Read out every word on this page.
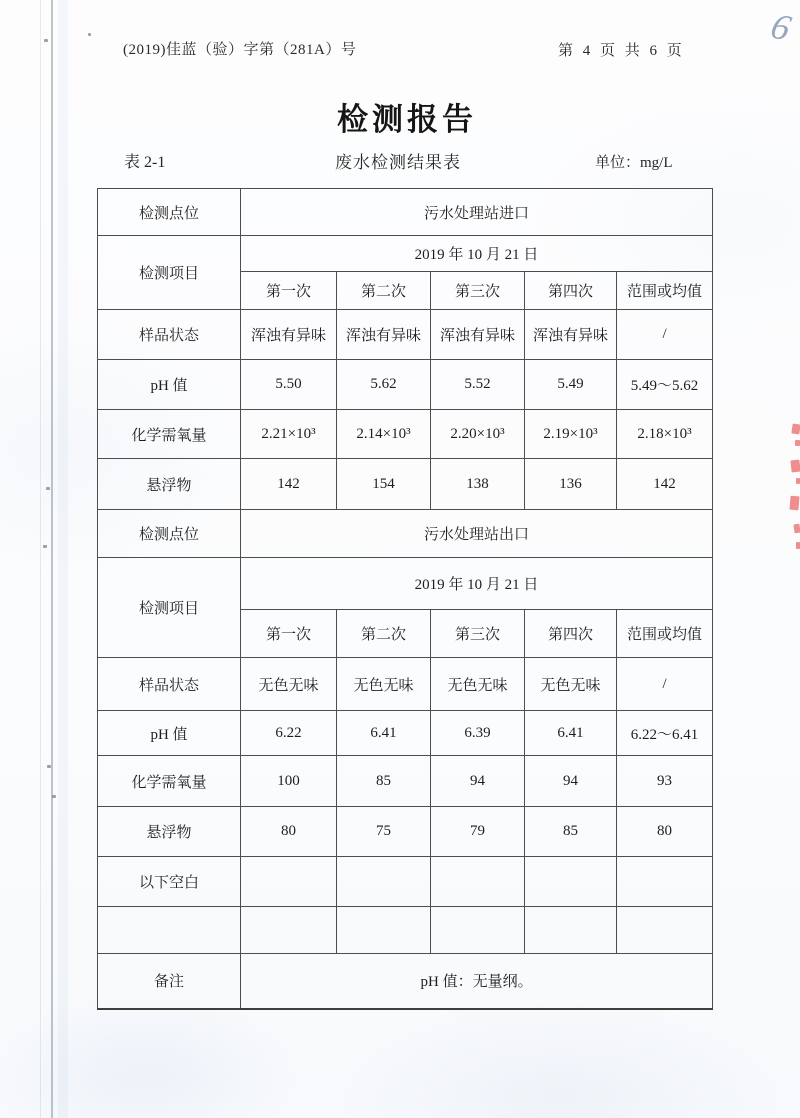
6
(2019)佳蓝（验）字第（281A）号	第 4 页 共 6 页
检测报告
表 2-1	废水检测结果表	单位：mg/L
检测点位	污水处理站进口				
检测项目	2019 年 10 月 21 日				
	第一次	第二次	第三次	第四次	范围或均值
样品状态	浑浊有异味	浑浊有异味	浑浊有异味	浑浊有异味	/
pH 值	5.50	5.62	5.52	5.49	5.49～5.62
化学需氧量	2.21×10³	2.14×10³	2.20×10³	2.19×10³	2.18×10³
悬浮物	142	154	138	136	142
检测点位	污水处理站出口				
检测项目	2019 年 10 月 21 日				
	第一次	第二次	第三次	第四次	范围或均值
样品状态	无色无味	无色无味	无色无味	无色无味	/
pH 值	6.22	6.41	6.39	6.41	6.22～6.41
化学需氧量	100	85	94	94	93
悬浮物	80	75	79	85	80
以下空白					

备注	pH 值：无量纲。				
